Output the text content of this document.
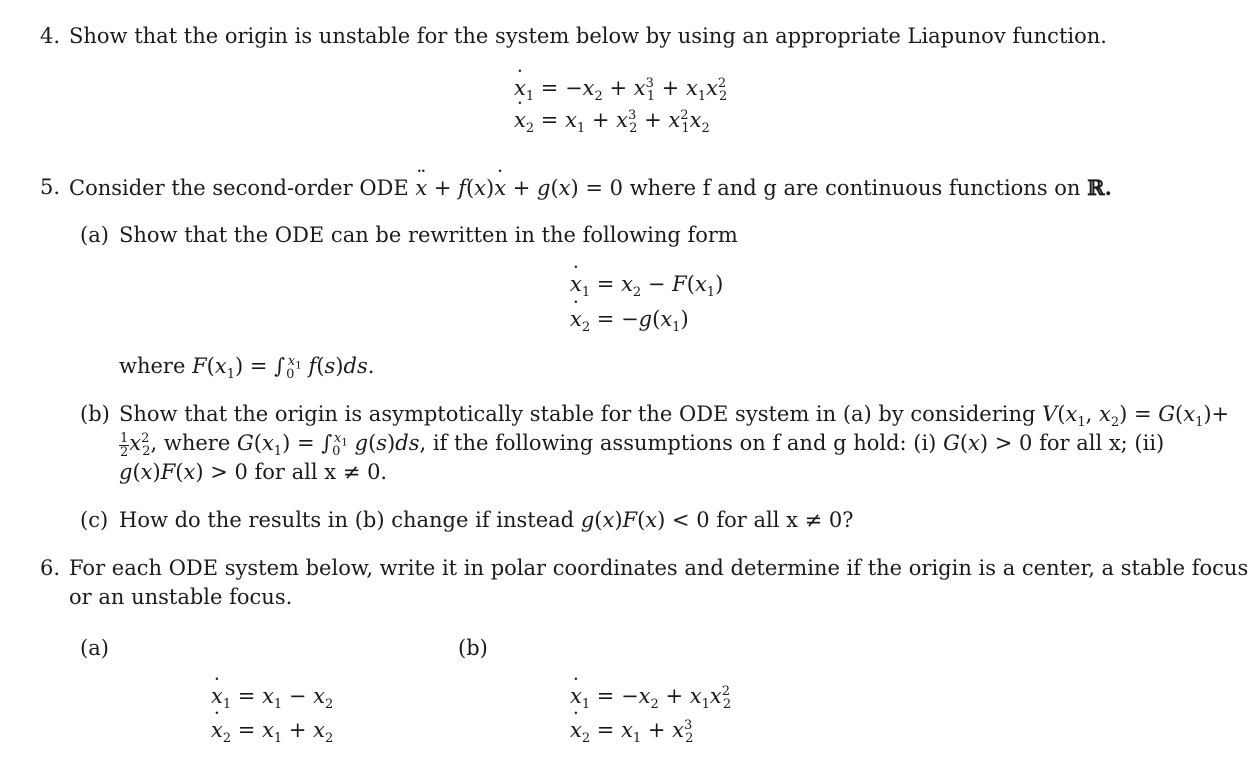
4. Show that the origin is unstable for the system below by using an appropriate Liapunov function.
˙ $x_1 = -x_2 + x^3_1 + x_1x^2_2$
˙ $x_2 = x_1 + x^3_2 + x^2_1x_2$
5. Consider the second-order ODE ¨ x + f(x)˙ x + g(x) = 0 where f and g are continuous functions on ℝ.
(a) Show that the ODE can be rewritten in the following form
˙ $x_1 = x_2 - F(x_1)$
˙ $x_2 = -g(x_1)$
where $F(x_1) = \int_0^{x_1}$ f(s)ds.
(b) Show that the origin is asymptotically stable for the ODE system in (a) by considering $V(x_1$, $x_2) = G(x_1)+$
$\frac{1}{2} x^2_2$, where $G(x_1) = \int_0^{x_1}$ g(s)ds, if the following assumptions on f and g hold: (i) G(x) > 0 for all x; (ii)
g(x)F(x) > 0 for all x ≠ 0.
(c) How do the results in (b) change if instead g(x)F(x) < 0 for all x ≠ 0?
6. For each ODE system below, write it in polar coordinates and determine if the origin is a center, a stable focus
or an unstable focus.
(a)	(b)
˙ $x_1 = x_1 - x_2$
˙ $x_2 = x_1 + x_2$
˙ $x_1 = -x_2 + x_1x^2_2$
˙ $x_2 = x_1 + x^3_2$
